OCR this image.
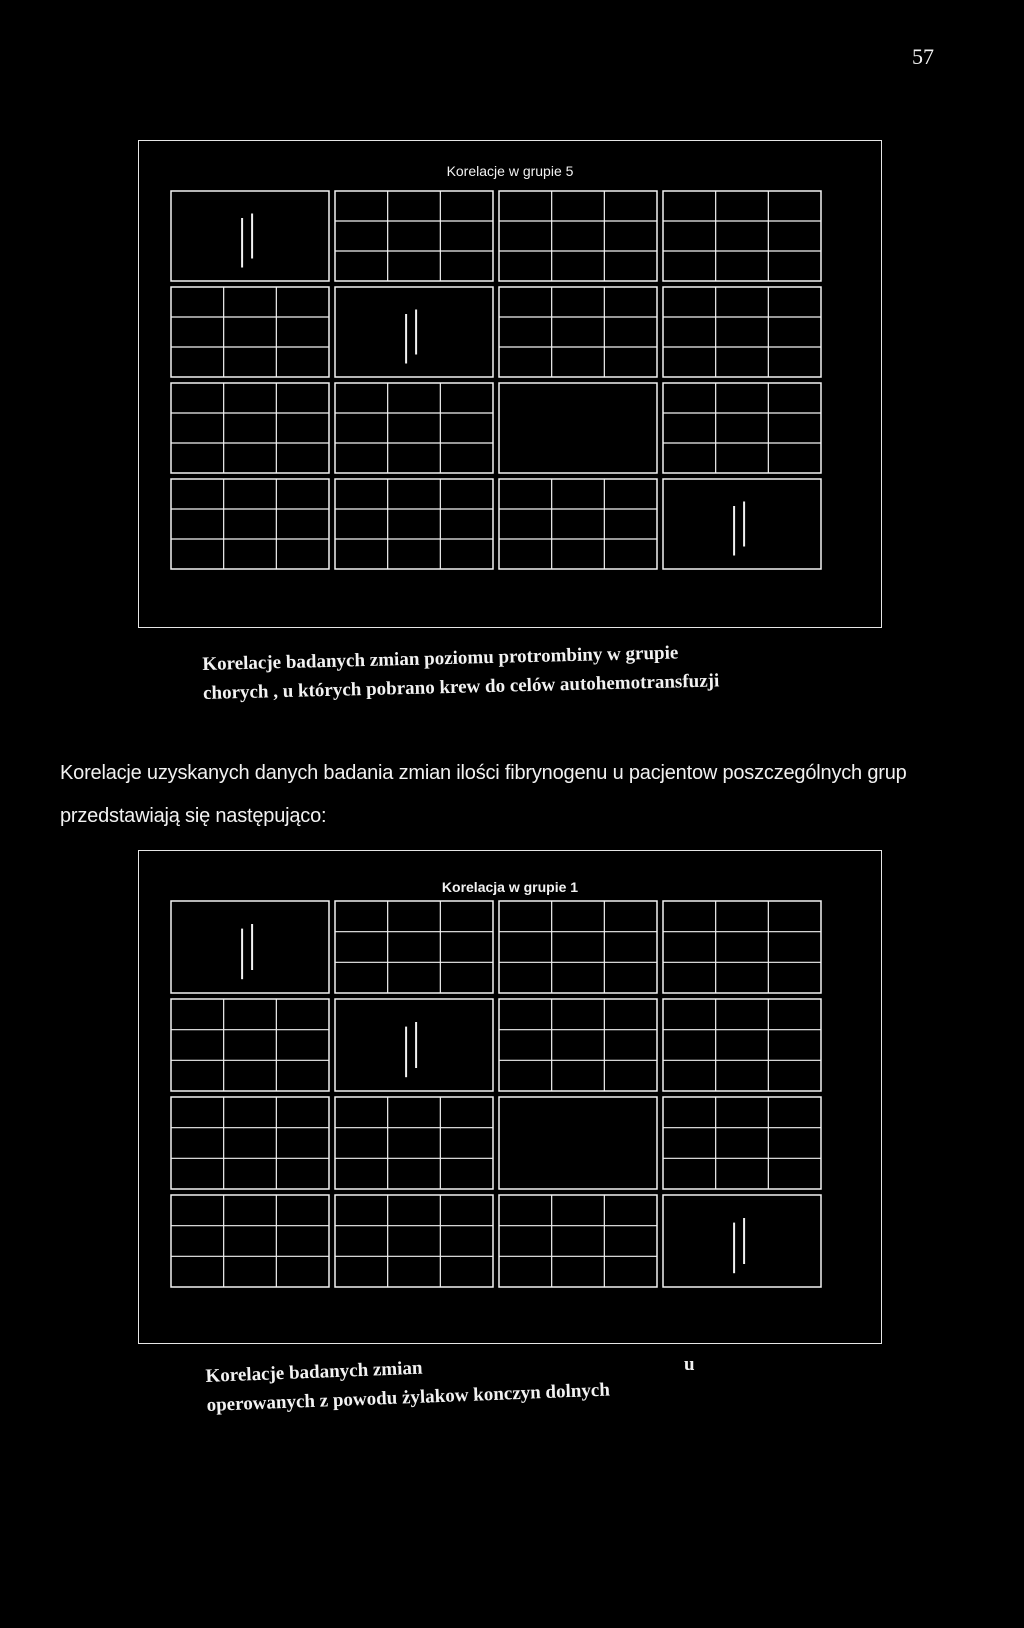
57
Korelacje w grupie 5
Korelacje badanych zmian poziomu protrombiny w grupie
chorych , u których pobrano krew do celów autohemotransfuzji
Korelacje uzyskanych danych badania zmian ilości fibrynogenu u pacjentow poszczególnych grup przedstawiają się następująco:
Korelacja w grupie 1
u
Korelacje badanych zmian
operowanych z powodu żylakow konczyn dolnych
